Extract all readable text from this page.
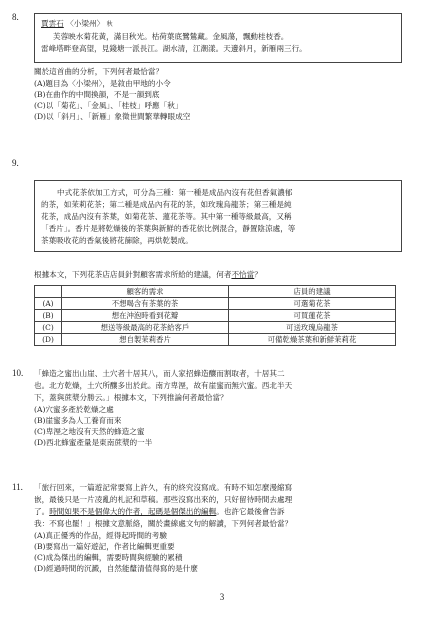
8.
賈雲石 〈小梁州〉 秋
芙蓉映水菊花黃，滿目秋光。枯荷葉底鷺鷥藏。金風蕩，飄動桂枝香。
雷峰塔畔登高望，見錢塘一派長江。湖水清，江潮漾。天邊斜月，新雁兩三行。
關於這首曲的分析，下列何者最恰當？
(A)題目為〈小梁州〉，是敘由甲地的小令
(B)在曲作的中間換韻，不是一韻到底
(C)以「菊花」、「金風」、「桂枝」呼應「秋」
(D)以「斜月」、「新雁」象徵世間繁華轉眼成空
9.
中式花茶依加工方式，可分為三種：第一種是成品內沒有花但香氣濃郁
的茶，如茉莉花茶；第二種是成品內有花的茶，如玫瑰烏龍茶；第三種是純
花茶，成品內沒有茶葉，如菊花茶、蓮花茶等。其中第一種等級最高，又稱
「香片」。香片是將乾燥後的茶葉與新鮮的香花依比例混合，靜置陰涼處，等
茶葉吸收花的香氣後將花篩除，再烘乾製成。
根據本文，下列花茶店店員針對顧客需求所給的建議，何者不恰當？
	顧客的需求	店員的建議
(A)	不想喝含有茶葉的茶	可選菊花茶
(B)	想在沖泡時看到花瓣	可買蓮花茶
(C)	想送等級最高的花茶給客戶	可送玫瑰烏龍茶
(D)	想自製茉莉香片	可備乾燥茶葉和新鮮茉莉花
10. 「蜂造之蜜出山崖、土穴者十居其八，而人家招蜂造釀而割取者，十居其二
也。北方乾燥，土穴所釀多出於此。南方卑溼，故有崖蜜而無穴蜜。西北半天
下，蓋與蔗漿分勝云。」根據本文，下列推論何者最恰當？
(A)穴蜜多產於乾燥之處
(B)崖蜜多為人工養育而來
(C)卑溼之地沒有天然的蜂造之蜜
(D)西北蜂蜜產量是東南蔗漿的一半
11. 「旅行回來，一篇遊記常要寫上許久，有的終究沒寫成。有時不知怎麼漫縮寫
嵌，最後只是一片凌亂的札記和草稿。那些沒寫出來的，只好留待時間去處理
了。時間如果不是個偉大的作者，起碼是個傑出的編輯。也許它最後會告訴
我：不寫也罷！」根據文意脈絡，關於畫線處文句的解讀，下列何者最恰當？
(A)真正優秀的作品，經得起時間的考驗
(B)要寫出一篇好遊記，作者比編輯更重要
(C)成為傑出的編輯，需要時間與經驗的累積
(D)經過時間的沉澱，自然能釐清值得寫的是什麼
3
